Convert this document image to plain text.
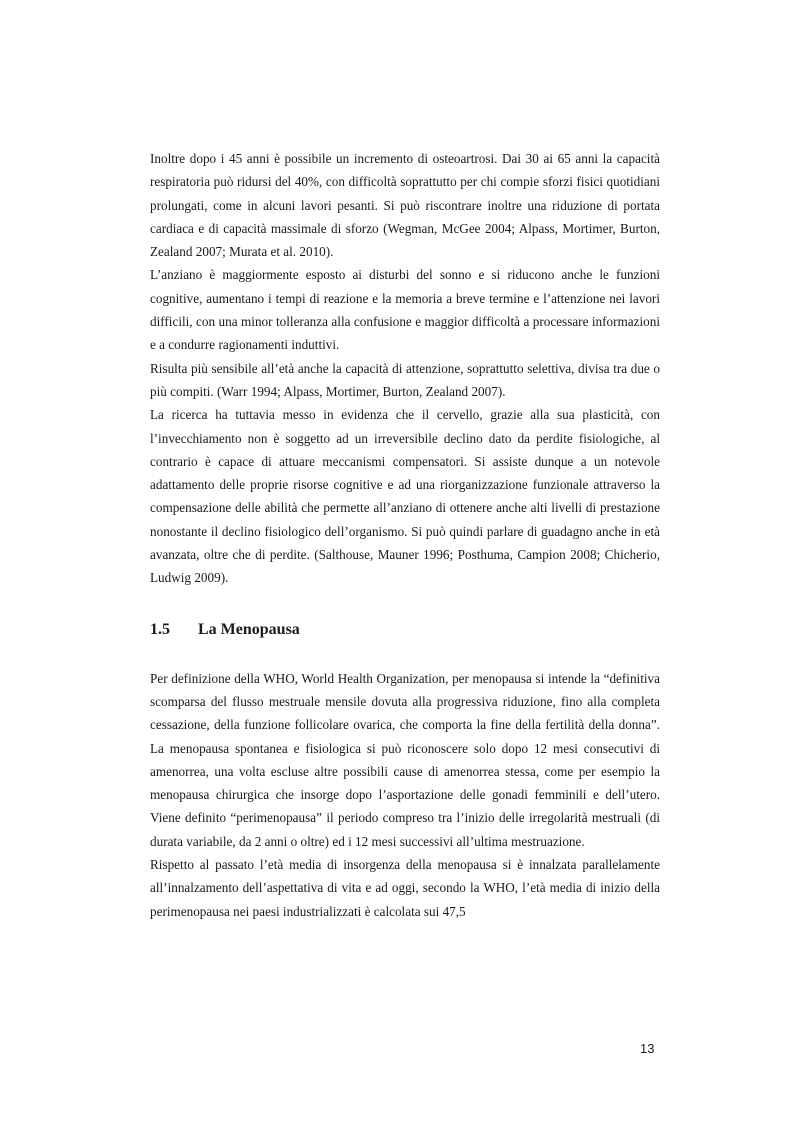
Inoltre dopo i 45 anni è possibile un incremento di osteoartrosi. Dai 30 ai 65 anni la capacità respiratoria può ridursi del 40%, con difficoltà soprattutto per chi compie sforzi fisici quotidiani prolungati, come in alcuni lavori pesanti. Si può riscontrare inoltre una riduzione di portata cardiaca e di capacità massimale di sforzo (Wegman, McGee 2004; Alpass, Mortimer, Burton, Zealand 2007; Murata et al. 2010).

L’anziano è maggiormente esposto ai disturbi del sonno e si riducono anche le funzioni cognitive, aumentano i tempi di reazione e la memoria a breve termine e l’attenzione nei lavori difficili, con una minor tolleranza alla confusione e maggior difficoltà a processare informazioni e a condurre ragionamenti induttivi.

Risulta più sensibile all’età anche la capacità di attenzione, soprattutto selettiva, divisa tra due o più compiti. (Warr 1994; Alpass, Mortimer, Burton, Zealand 2007).

La ricerca ha tuttavia messo in evidenza che il cervello, grazie alla sua plasticità, con l’invecchiamento non è soggetto ad un irreversibile declino dato da perdite fisiologiche, al contrario è capace di attuare meccanismi compensatori. Si assiste dunque a un notevole adattamento delle proprie risorse cognitive e ad una riorganizzazione funzionale attraverso la compensazione delle abilità che permette all’anziano di ottenere anche alti livelli di prestazione nonostante il declino fisiologico dell’organismo. Si può quindi parlare di guadagno anche in età avanzata, oltre che di perdite. (Salthouse, Mauner 1996; Posthuma, Campion 2008; Chicherio, Ludwig 2009).

1.5	La Menopausa

Per definizione della WHO, World Health Organization, per menopausa si intende la “definitiva scomparsa del flusso mestruale mensile dovuta alla progressiva riduzione, fino alla completa cessazione, della funzione follicolare ovarica, che comporta la fine della fertilità della donna”. La menopausa spontanea e fisiologica si può riconoscere solo dopo 12 mesi consecutivi di amenorrea, una volta escluse altre possibili cause di amenorrea stessa, come per esempio la menopausa chirurgica che insorge dopo l’asportazione delle gonadi femminili e dell’utero. Viene definito “perimenopausa” il periodo compreso tra l’inizio delle irregolarità mestruali (di durata variabile, da 2 anni o oltre) ed i 12 mesi successivi all’ultima mestruazione.

Rispetto al passato l’età media di insorgenza della menopausa si è innalzata parallelamente all’innalzamento dell’aspettativa di vita e ad oggi, secondo la WHO, l’età media di inizio della perimenopausa nei paesi industrializzati è calcolata sui 47,5

13
